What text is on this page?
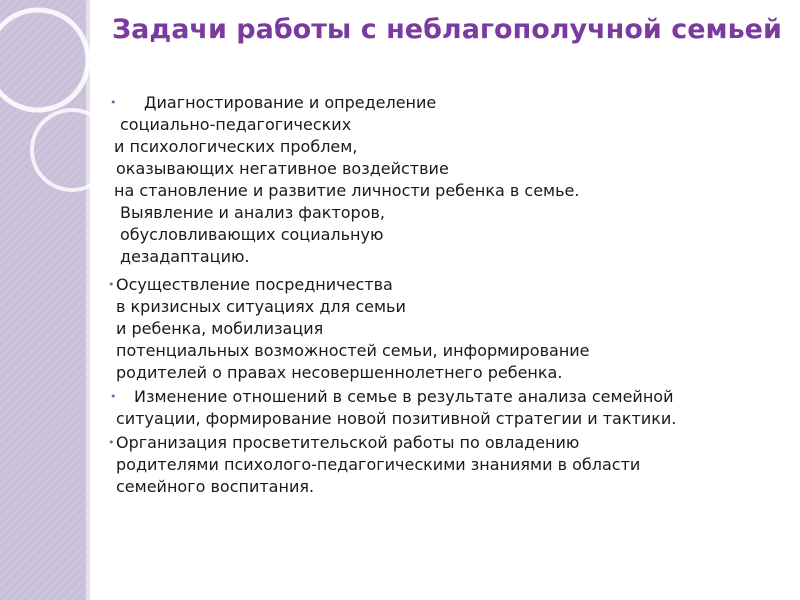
Задачи работы с неблагополучной семьей
•	Диагностирование и определение
социально-педагогических
и психологических проблем,
оказывающих негативное воздействие
на становление и развитие личности ребенка в семье.
Выявление и анализ факторов,
обусловливающих социальную
дезадаптацию.
• Осуществление посредничества
в кризисных ситуациях для семьи
и ребенка, мобилизация
потенциальных возможностей семьи, информирование
родителей о правах несовершеннолетнего ребенка.
•	Изменение отношений в семье в результате анализа семейной
ситуации, формирование новой позитивной стратегии и тактики.
• Организация просветительской работы по овладению
родителями психолого-педагогическими знаниями в области
семейного воспитания.
